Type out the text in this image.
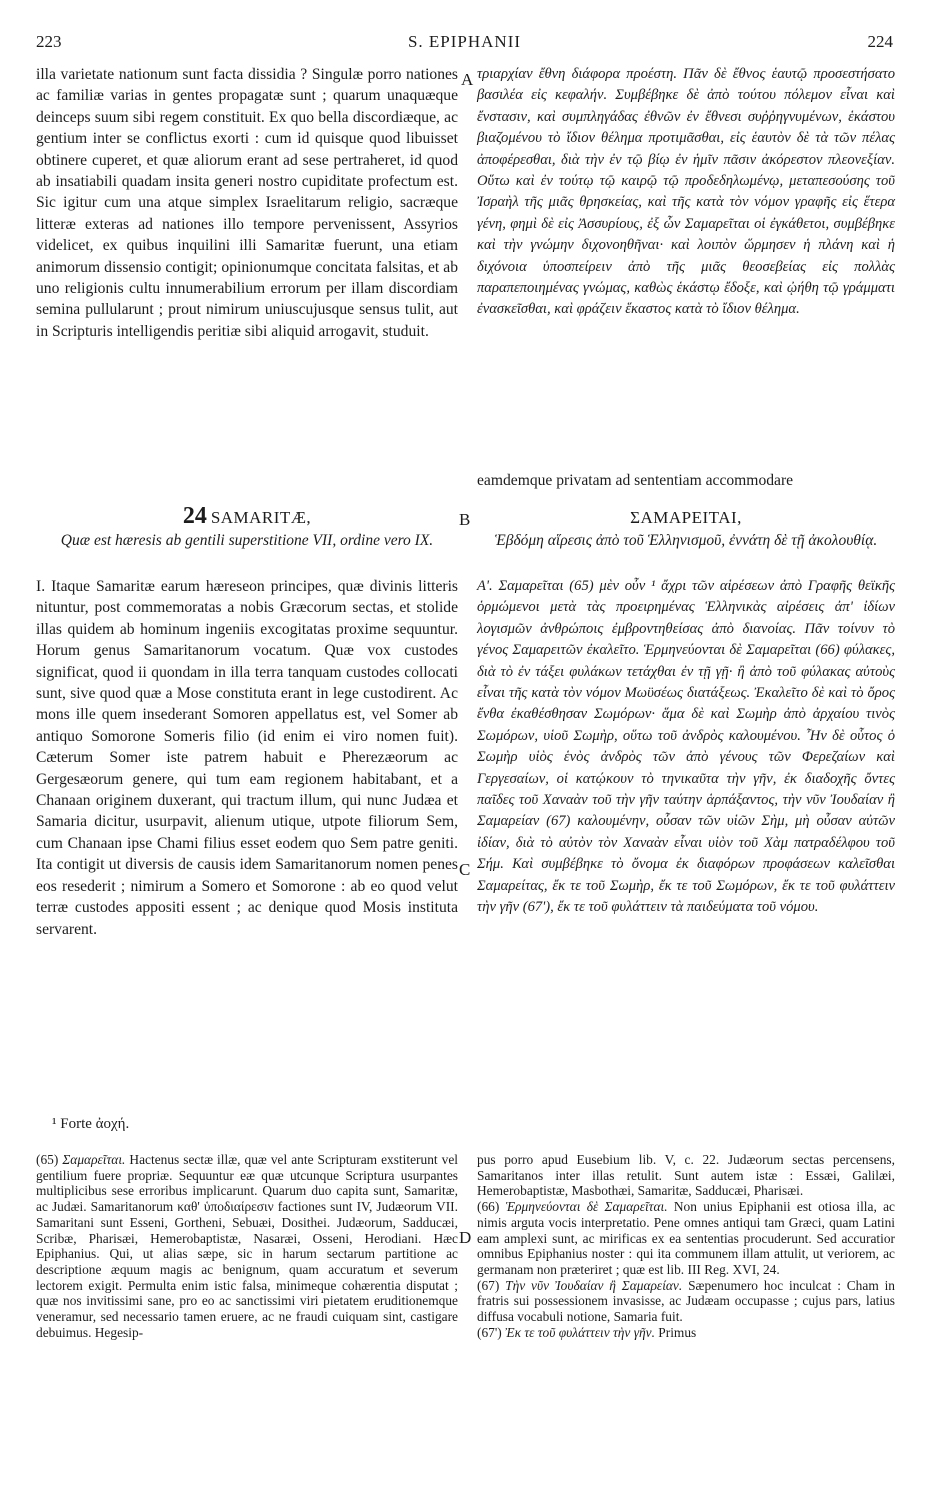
223	S. EPIPHANII	224

illa varietate nationum sunt facta dissidia ? Singulæ porro nationes ac familiæ varias in gentes propagatæ sunt ; quarum unaquæque deinceps suum sibi regem constituit. Ex quo bella discordiæque, ac gentium inter se conflictus exorti : cum id quisque quod libuisset obtinere cuperet, et quæ aliorum erant ad sese pertraheret, id quod ab insatiabili quadam insita generi nostro cupiditate profectum est. Sic igitur cum una atque simplex Israelitarum religio, sacræque litteræ exteras ad nationes illo tempore pervenissent, Assyrios videlicet, ex quibus inquilini illi Samaritæ fuerunt, una etiam animorum dissensio contigit; opinionumque concitata falsitas, et ab uno religionis cultu innumerabilium errorum per illam discordiam semina pullularunt ; prout nimirum uniuscujusque sensus tulit, aut in Scripturis intelligendis peritiæ sibi aliquid arrogavit, studuit.

A τριαρχίαν ἔθνη διάφορα προέστη. Πᾶν δὲ ἔθνος ἑαυτῷ προσεστήσατο βασιλέα εἰς κεφαλήν. Συμβέβηκε δὲ ἀπὸ τούτου πόλεμον εἶναι καὶ ἔνστασιν, καὶ συμπληγάδας ἐθνῶν ἐν ἔθνεσι συῤῥηγνυμένων, ἑκάστου βιαζομένου τὸ ἴδιον θέλημα προτιμᾶσθαι, εἰς ἑαυτὸν δὲ τὰ τῶν πέλας ἀποφέρεσθαι, διὰ τὴν ἐν τῷ βίῳ ἐν ἡμῖν πᾶσιν ἀκόρεστον πλεονεξίαν. Οὕτω καὶ ἐν τούτῳ τῷ καιρῷ τῷ προδεδηλωμένῳ, μεταπεσούσης τοῦ Ἰσραὴλ τῆς μιᾶς θρησκείας, καὶ τῆς κατὰ τὸν νόμον γραφῆς εἰς ἕτερα γένη, φημὶ δὲ εἰς Ἀσσυρίους, ἐξ ὧν Σαμαρεῖται οἱ ἐγκάθετοι, συμβέβηκε καὶ τὴν γνώμην διχονοηθῆναι· καὶ λοιπὸν ὥρμησεν ἡ πλάνη καὶ ἡ διχόνοια ὑποσπείρειν ἀπὸ τῆς μιᾶς θεοσεβείας εἰς πολλὰς παραπεποιημένας γνώμας, καθὼς ἑκάστῳ ἔδοξε, καὶ ᾠήθη τῷ γράμματι ἐνασκεῖσθαι, καὶ φράζειν ἕκαστος κατὰ τὸ ἴδιον θέλημα.

eamdemque privatam ad sententiam accommodare

24 SAMARITÆ,	B	ΣΑΜΑΡΕΙΤΑΙ,
Quæ est hæresis ab gentili superstitione VII, ordine vero IX.	Ἑβδόμη αἵρεσις ἀπὸ τοῦ Ἑλληνισμοῦ, ἐννάτη δὲ τῇ ἀκολουθίᾳ.

I. Itaque Samaritæ earum hæreseon principes, quæ divinis litteris nituntur, post commemoratas a nobis Græcorum sectas, et stolide illas quidem ab hominum ingeniis excogitatas proxime sequuntur. Horum genus Samaritanorum vocatum. Quæ vox custodes significat, quod ii quondam in illa terra tanquam custodes collocati sunt, sive quod quæ a Mose constituta erant in lege custodirent. Ac mons ille quem insederant Somoren appellatus est, vel Somer ab antiquo Somorone Someris filio (id enim ei viro nomen fuit). Cæterum Somer iste patrem habuit e Pherezæorum ac Gergesæorum genere, qui tum eam regionem habitabant, et a Chanaan originem duxerant, qui tractum illum, qui nunc Judæa et Samaria dicitur, usurpavit, alienum utique, utpote filiorum Sem, cum Chanaan ipse Chami filius esset eodem quo Sem patre geniti. Ita contigit ut diversis de causis idem Samaritanorum nomen penes eos resederit ; nimirum a Somero et Somorone : ab eo quod velut terræ custodes appositi essent ; ac denique quod Mosis instituta servarent.

C

Α'. Σαμαρεῖται (65) μὲν οὖν ¹ ἄχρι τῶν αἱρέσεων ἀπὸ Γραφῆς θεϊκῆς ὁρμώμενοι μετὰ τὰς προειρημένας Ἑλληνικὰς αἱρέσεις ἀπ' ἰδίων λογισμῶν ἀνθρώποις ἐμβροντηθείσας ἀπὸ διανοίας. Πᾶν τοίνυν τὸ γένος Σαμαρειτῶν ἐκαλεῖτο. Ἑρμηνεύονται δὲ Σαμαρεῖται (66) φύλακες, διὰ τὸ ἐν τάξει φυλάκων τετάχθαι ἐν τῇ γῇ· ἢ ἀπὸ τοῦ φύλακας αὐτοὺς εἶναι τῆς κατὰ τὸν νόμον Μωϋσέως διατάξεως. Ἐκαλεῖτο δὲ καὶ τὸ ὄρος ἔνθα ἐκαθέσθησαν Σωμόρων· ἅμα δὲ καὶ Σωμὴρ ἀπὸ ἀρχαίου τινὸς Σωμόρων, υἱοῦ Σωμὴρ, οὕτω τοῦ ἀνδρὸς καλουμένου. Ἦν δὲ οὗτος ὁ Σωμὴρ υἱὸς ἑνὸς ἀνδρὸς τῶν ἀπὸ γένους τῶν Φερεζαίων καὶ Γεργεσαίων, οἱ κατῴκουν τὸ τηνικαῦτα τὴν γῆν, ἐκ διαδοχῆς ὄντες παῖδες τοῦ Χαναὰν τοῦ τὴν γῆν ταύτην ἁρπάξαντος, τὴν νῦν Ἰουδαίαν ἢ Σαμαρείαν (67) καλουμένην, οὖσαν τῶν υἱῶν Σὴμ, μὴ οὖσαν αὐτῶν ἰδίαν, διὰ τὸ αὐτὸν τὸν Χαναὰν εἶναι υἱὸν τοῦ Χὰμ πατραδέλφου τοῦ Σήμ. Καὶ συμβέβηκε τὸ ὄνομα ἐκ διαφόρων προφάσεων καλεῖσθαι Σαμαρείτας, ἔκ τε τοῦ Σωμὴρ, ἔκ τε τοῦ Σωμόρων, ἔκ τε τοῦ φυλάττειν τὴν γῆν (67'), ἔκ τε τοῦ φυλάττειν τὰ παιδεύματα τοῦ νόμου.

¹ Forte ἀοχή.

(65) Σαμαρεῖται. Hactenus sectæ illæ, quæ vel ante Scripturam exstiterunt vel gentilium fuere propriæ. Sequuntur eæ quæ utcunque Scriptura usurpantes multiplicibus sese erroribus implicarunt. Quarum duo capita sunt, Samaritæ, ac Judæi. Samaritanorum καθ' ὑποδιαίρεσιν factiones sunt IV, Judæorum VII. Samaritani sunt Esseni, Gortheni, Sebuæi, Dosithei. Judæorum, Sadducæi, Scribæ, Pharisæi, Hemerobaptistæ, Nasaræi, Osseni, Herodiani. Hæc Epiphanius. Qui, ut alias sæpe, sic in harum sectarum partitione ac descriptione æquum magis ac benignum, quam accuratum et severum lectorem exigit. Permulta enim istic falsa, minimeque cohærentia disputat ; quæ nos invitissimi sane, pro eo ac sanctissimi viri pietatem eruditionemque veneramur, sed necessario tamen eruere, ac ne fraudi cuiquam sint, castigare debuimus. Hegesip-

D

pus porro apud Eusebium lib. V, c. 22. Judæorum sectas percensens, Samaritanos inter illas retulit. Sunt autem istæ : Essæi, Galilæi, Hemerobaptistæ, Masbothæi, Samaritæ, Sadducæi, Pharisæi.

(66) Ἑρμηνεύονται δὲ Σαμαρεῖται. Non unius Epiphanii est otiosa illa, ac nimis arguta vocis interpretatio. Pene omnes antiqui tam Græci, quam Latini eam amplexi sunt, ac mirificas ex ea sententias procuderunt. Sed accuratior omnibus Epiphanius noster : qui ita communem illam attulit, ut veriorem, ac germanam non præteriret ; quæ est lib. III Reg. XVI, 24.

(67) Τὴν νῦν Ἰουδαίαν ἢ Σαμαρείαν. Sæpenumero hoc inculcat : Cham in fratris sui possessionem invasisse, ac Judæam occupasse ; cujus pars, latius diffusa vocabuli notione, Samaria fuit.

(67') Ἐκ τε τοῦ φυλάττειν τὴν γῆν. Primus
